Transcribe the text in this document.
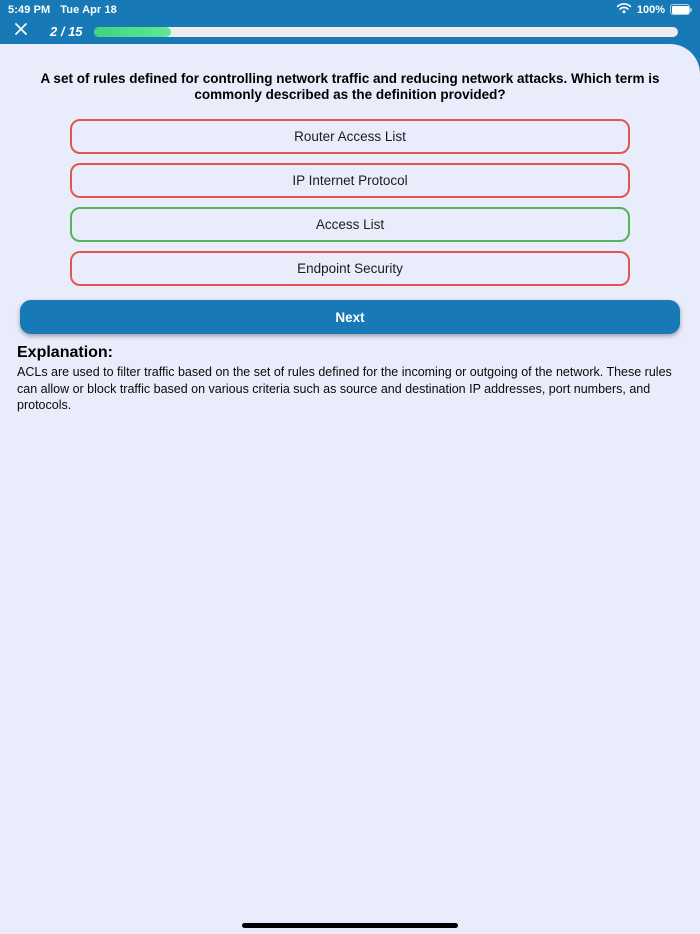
5:49 PM Tue Apr 18	100%
2 / 15
A set of rules defined for controlling network traffic and reducing network attacks. Which term is commonly described as the definition provided?
Router Access List
IP Internet Protocol
Access List
Endpoint Security
Next
Explanation:

ACLs are used to filter traffic based on the set of rules defined for the incoming or outgoing of the network. These rules can allow or block traffic based on various criteria such as source and destination IP addresses, port numbers, and protocols.
